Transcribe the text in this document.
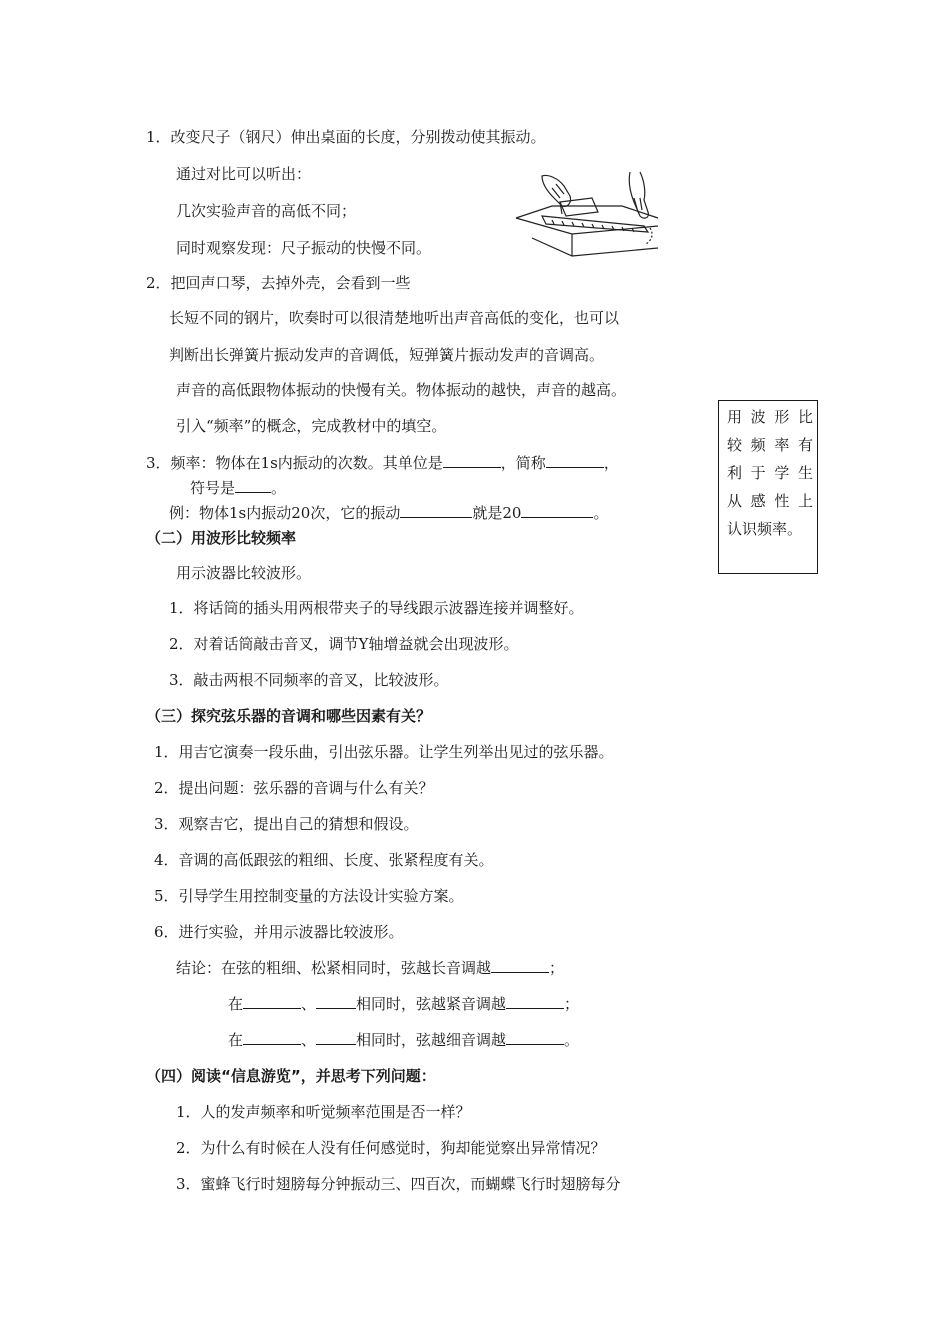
1．改变尺子（钢尺）伸出桌面的长度，分别拨动使其振动。
通过对比可以听出：
几次实验声音的高低不同；
同时观察发现：尺子振动的快慢不同。
2．把回声口琴，去掉外壳，会看到一些
长短不同的钢片，吹奏时可以很清楚地听出声音高低的变化，也可以
判断出长弹簧片振动发声的音调低，短弹簧片振动发声的音调高。
声音的高低跟物体振动的快慢有关。物体振动的越快，声音的越高。
引入“频率”的概念，完成教材中的填空。
3．频率：物体在1s内振动的次数。其单位是	，简称	，
符号是 。
例：物体1s内振动20次，它的振动	就是20	。
用波形比
较频率有
利于学生
从感性上
认识频率。
（二）用波形比较频率
用示波器比较波形。
1．将话筒的插头用两根带夹子的导线跟示波器连接并调整好。
2．对着话筒敲击音叉，调节Y轴增益就会出现波形。
3．敲击两根不同频率的音叉，比较波形。
（三）探究弦乐器的音调和哪些因素有关？
1．用吉它演奏一段乐曲，引出弦乐器。让学生列举出见过的弦乐器。
2．提出问题：弦乐器的音调与什么有关？
3．观察吉它，提出自己的猜想和假设。
4．音调的高低跟弦的粗细、长度、张紧程度有关。
5．引导学生用控制变量的方法设计实验方案。
6．进行实验，并用示波器比较波形。
结论：在弦的粗细、松紧相同时，弦越长音调越	；
在	、	相同时，弦越紧音调越	；
在	、	相同时，弦越细音调越	。
（四）阅读“信息游览”，并思考下列问题：
1．人的发声频率和听觉频率范围是否一样？
2．为什么有时候在人没有任何感觉时，狗却能觉察出异常情况？
3．蜜蜂飞行时翅膀每分钟振动三、四百次，而蝴蝶飞行时翅膀每分
